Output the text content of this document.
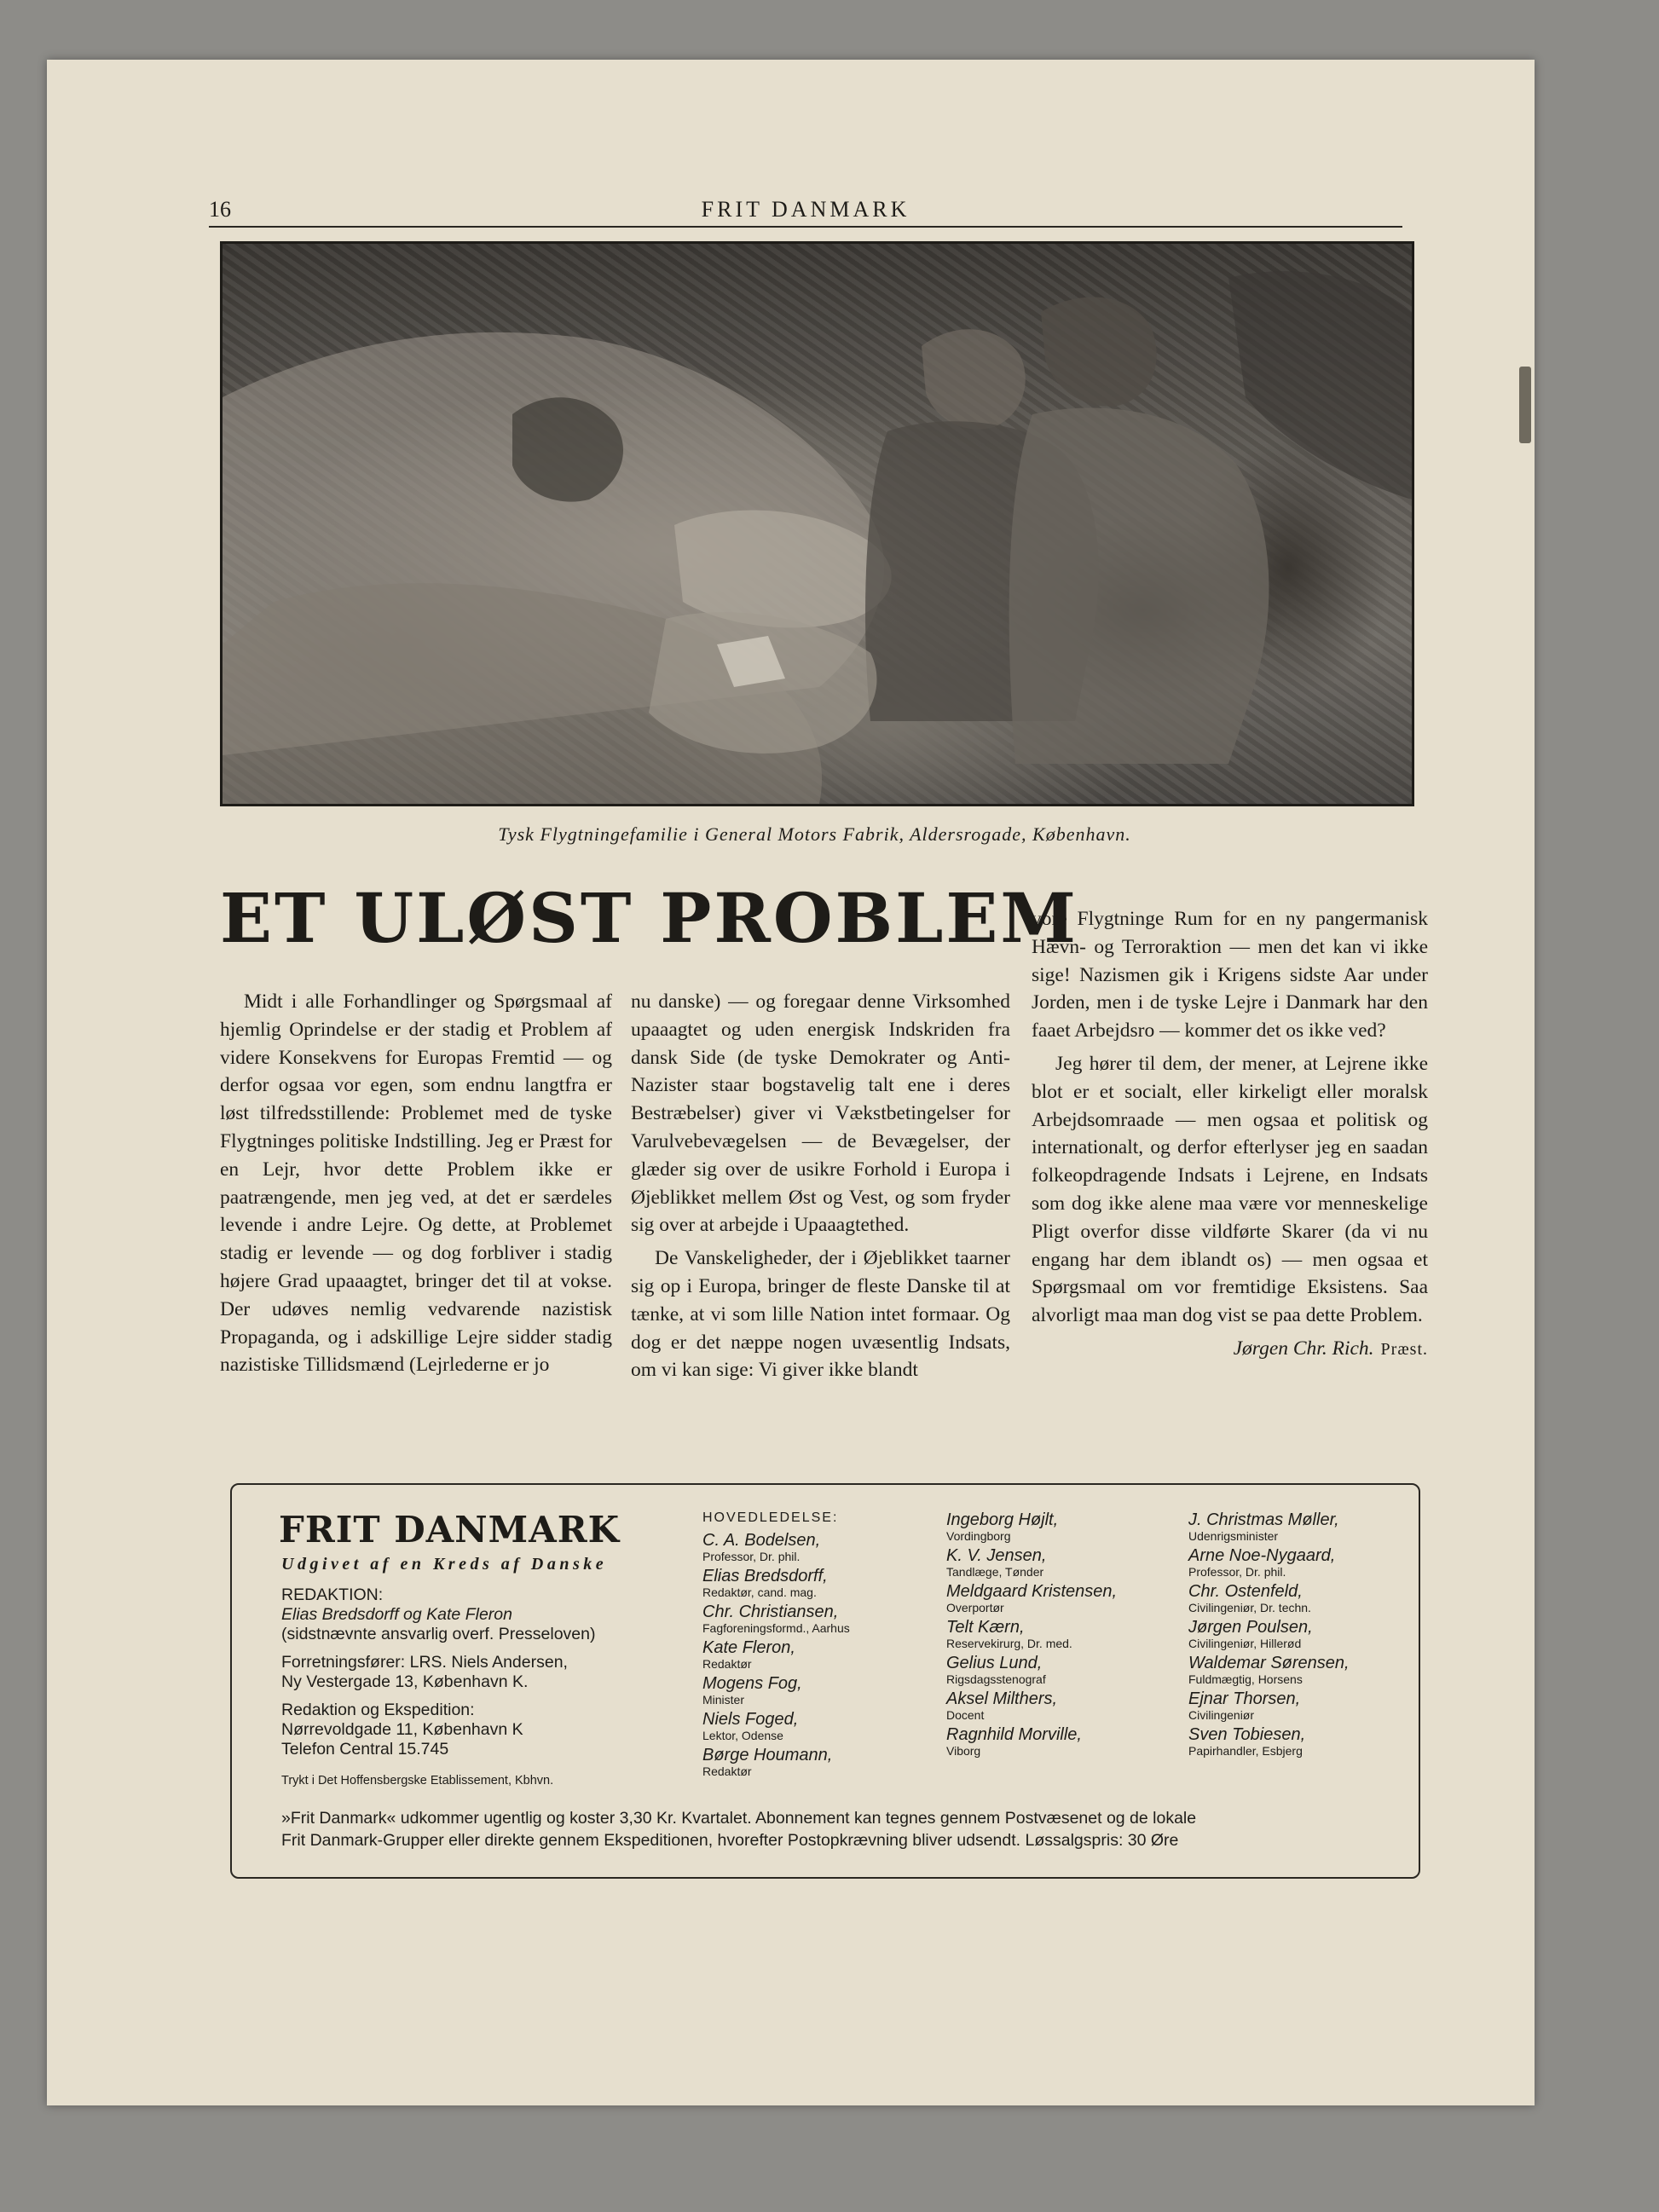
16	FRIT DANMARK
Tysk Flygtningefamilie i General Motors Fabrik, Aldersrogade, København.
ET ULØST PROBLEM

Midt i alle Forhandlinger og Spørgsmaal af hjemlig Oprindelse er der stadig et Problem af videre Konsekvens for Europas Fremtid — og derfor ogsaa vor egen, som endnu langtfra er løst tilfredsstillende: Problemet med de tyske Flygtninges politiske Indstilling. Jeg er Præst for en Lejr, hvor dette Problem ikke er paatrængende, men jeg ved, at det er særdeles levende i andre Lejre. Og dette, at Problemet stadig er levende — og dog forbliver i stadig højere Grad upaaagtet, bringer det til at vokse. Der udøves nemlig vedvarende nazistisk Propaganda, og i adskillige Lejre sidder stadig nazistiske Tillidsmænd (Lejrlederne er jo

nu danske) — og foregaar denne Virksomhed upaaagtet og uden energisk Indskriden fra dansk Side (de tyske Demokrater og Anti-Nazister staar bogstavelig talt ene i deres Bestræbelser) giver vi Vækstbetingelser for Varulvebevægelsen — de Bevægelser, der glæder sig over de usikre Forhold i Europa i Øjeblikket mellem Øst og Vest, og som fryder sig over at arbejde i Upaaagtethed.

De Vanskeligheder, der i Øjeblikket taarner sig op i Europa, bringer de fleste Danske til at tænke, at vi som lille Nation intet formaar. Og dog er det næppe nogen uvæsentlig Indsats, om vi kan sige: Vi giver ikke blandt

vore Flygtninge Rum for en ny pangermanisk Hævn- og Terroraktion — men det kan vi ikke sige! Nazismen gik i Krigens sidste Aar under Jorden, men i de tyske Lejre i Danmark har den faaet Arbejdsro — kommer det os ikke ved?

Jeg hører til dem, der mener, at Lejrene ikke blot er et socialt, eller kirkeligt eller moralsk Arbejdsomraade — men ogsaa et politisk og internationalt, og derfor efterlyser jeg en saadan folkeopdragende Indsats i Lejrene, en Indsats som dog ikke alene maa være vor menneskelige Pligt overfor disse vildførte Skarer (da vi nu engang har dem iblandt os) — men ogsaa et Spørgsmaal om vor fremtidige Eksistens. Saa alvorligt maa man dog vist se paa dette Problem.

Jørgen Chr. Rich. Præst.
FRIT DANMARK
Udgivet af en Kreds af Danske
REDAKTION:
Elias Bredsdorff og Kate Fleron
(sidstnævnte ansvarlig overf. Presseloven)
Forretningsfører: LRS. Niels Andersen,
Ny Vestergade 13, København K.
Redaktion og Ekspedition:
Nørrevoldgade 11, København K
Telefon Central 15.745
Trykt i Det Hoffensbergske Etablissement, Kbhvn.
HOVEDLEDELSE:
C. A. Bodelsen,
Professor, Dr. phil.
Elias Bredsdorff,
Redaktør, cand. mag.
Chr. Christiansen,
Fagforeningsformd., Aarhus
Kate Fleron,
Redaktør
Mogens Fog,
Minister
Niels Foged,
Lektor, Odense
Børge Houmann,
Redaktør
Ingeborg Højlt,
Vordingborg
K. V. Jensen,
Tandlæge, Tønder
Meldgaard Kristensen,
Overportør
Telt Kærn,
Reservekirurg, Dr. med.
Gelius Lund,
Rigsdagsstenograf
Aksel Milthers,
Docent
Ragnhild Morville,
Viborg
J. Christmas Møller,
Udenrigsminister
Arne Noe-Nygaard,
Professor, Dr. phil.
Chr. Ostenfeld,
Civilingeniør, Dr. techn.
Jørgen Poulsen,
Civilingeniør, Hillerød
Waldemar Sørensen,
Fuldmægtig, Horsens
Ejnar Thorsen,
Civilingeniør
Sven Tobiesen,
Papirhandler, Esbjerg
»Frit Danmark« udkommer ugentlig og koster 3,30 Kr. Kvartalet. Abonnement kan tegnes gennem Postvæsenet og de lokale
Frit Danmark-Grupper eller direkte gennem Ekspeditionen, hvorefter Postopkrævning bliver udsendt. Løssalgspris: 30 Øre
